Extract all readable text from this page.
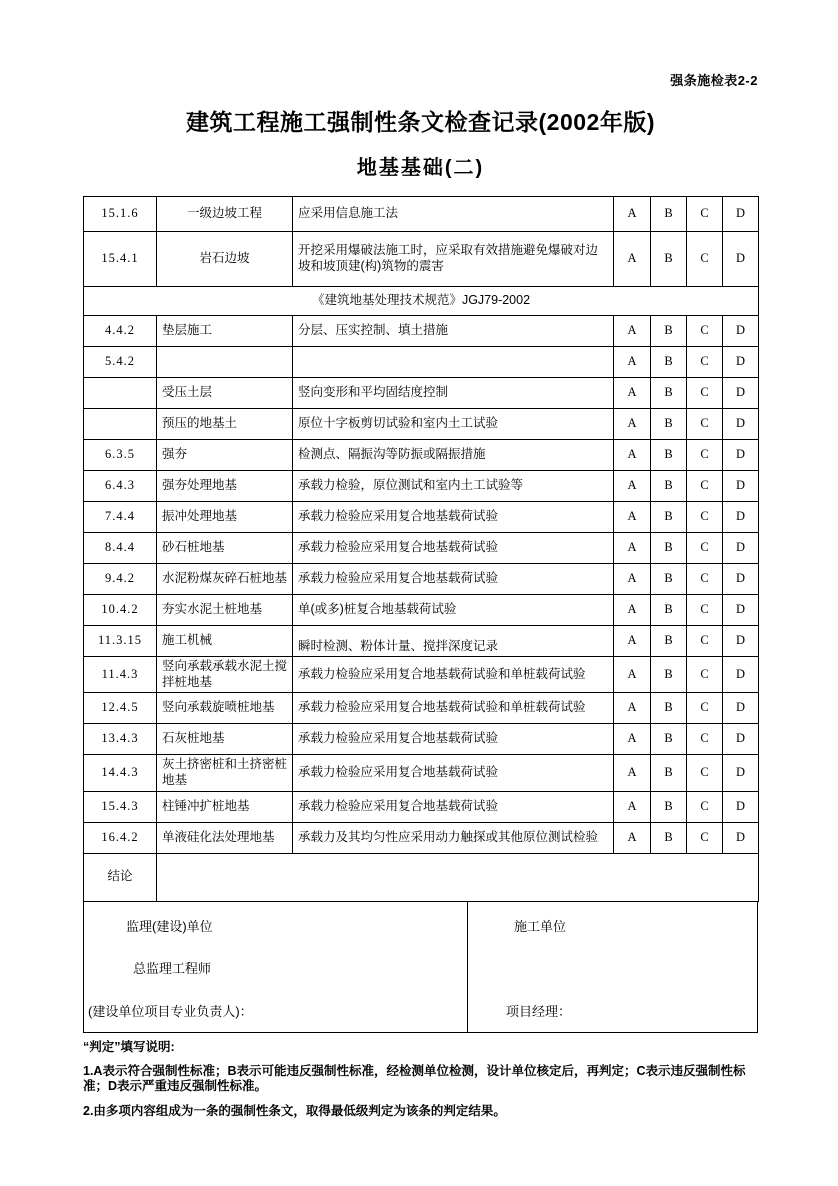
强条施检表2-2
建筑工程施工强制性条文检查记录(2002年版)
地基基础(二)
15.1.6	一级边坡工程	应采用信息施工法	A	B	C	D
15.4.1	岩石边坡	开挖采用爆破法施工时，应采取有效措施避免爆破对边坡和坡顶建(构)筑物的震害	A	B	C	D
《建筑地基处理技术规范》JGJ79-2002						
4.4.2	垫层施工	分层、压实控制、填土措施	A	B	C	D
5.4.2			A	B	C	D
	受压土层	竖向变形和平均固结度控制	A	B	C	D
	预压的地基土	原位十字板剪切试验和室内土工试验	A	B	C	D
6.3.5	强夯	检测点、隔振沟等防振或隔振措施	A	B	C	D
6.4.3	强夯处理地基	承载力检验，原位测试和室内土工试验等	A	B	C	D
7.4.4	振冲处理地基	承载力检验应采用复合地基载荷试验	A	B	C	D
8.4.4	砂石桩地基	承载力检验应采用复合地基载荷试验	A	B	C	D
9.4.2	水泥粉煤灰碎石桩地基	承载力检验应采用复合地基载荷试验	A	B	C	D
10.4.2	夯实水泥土桩地基	单(或多)桩复合地基载荷试验	A	B	C	D
11.3.15	施工机械	瞬时检测、粉体计量、搅拌深度记录	A	B	C	D
11.4.3	竖向承载承载水泥土搅拌桩地基	承载力检验应采用复合地基载荷试验和单桩载荷试验	A	B	C	D
12.4.5	竖向承载旋喷桩地基	承载力检验应采用复合地基载荷试验和单桩载荷试验	A	B	C	D
13.4.3	石灰桩地基	承载力检验应采用复合地基载荷试验	A	B	C	D
14.4.3	灰土挤密桩和土挤密桩地基	承载力检验应采用复合地基载荷试验	A	B	C	D
15.4.3	柱锤冲扩桩地基	承载力检验应采用复合地基载荷试验	A	B	C	D
16.4.2	单液硅化法处理地基	承载力及其均匀性应采用动力触探或其他原位测试检验	A	B	C	D
结论						
监理(建设)单位
总监理工程师
(建设单位项目专业负责人)：
施工单位
项目经理：
“判定”填写说明:
1.A表示符合强制性标准；B表示可能违反强制性标准，经检测单位检测，设计单位核定后，再判定；C表示违反强制性标准；D表示严重违反强制性标准。
2.由多项内容组成为一条的强制性条文，取得最低级判定为该条的判定结果。
